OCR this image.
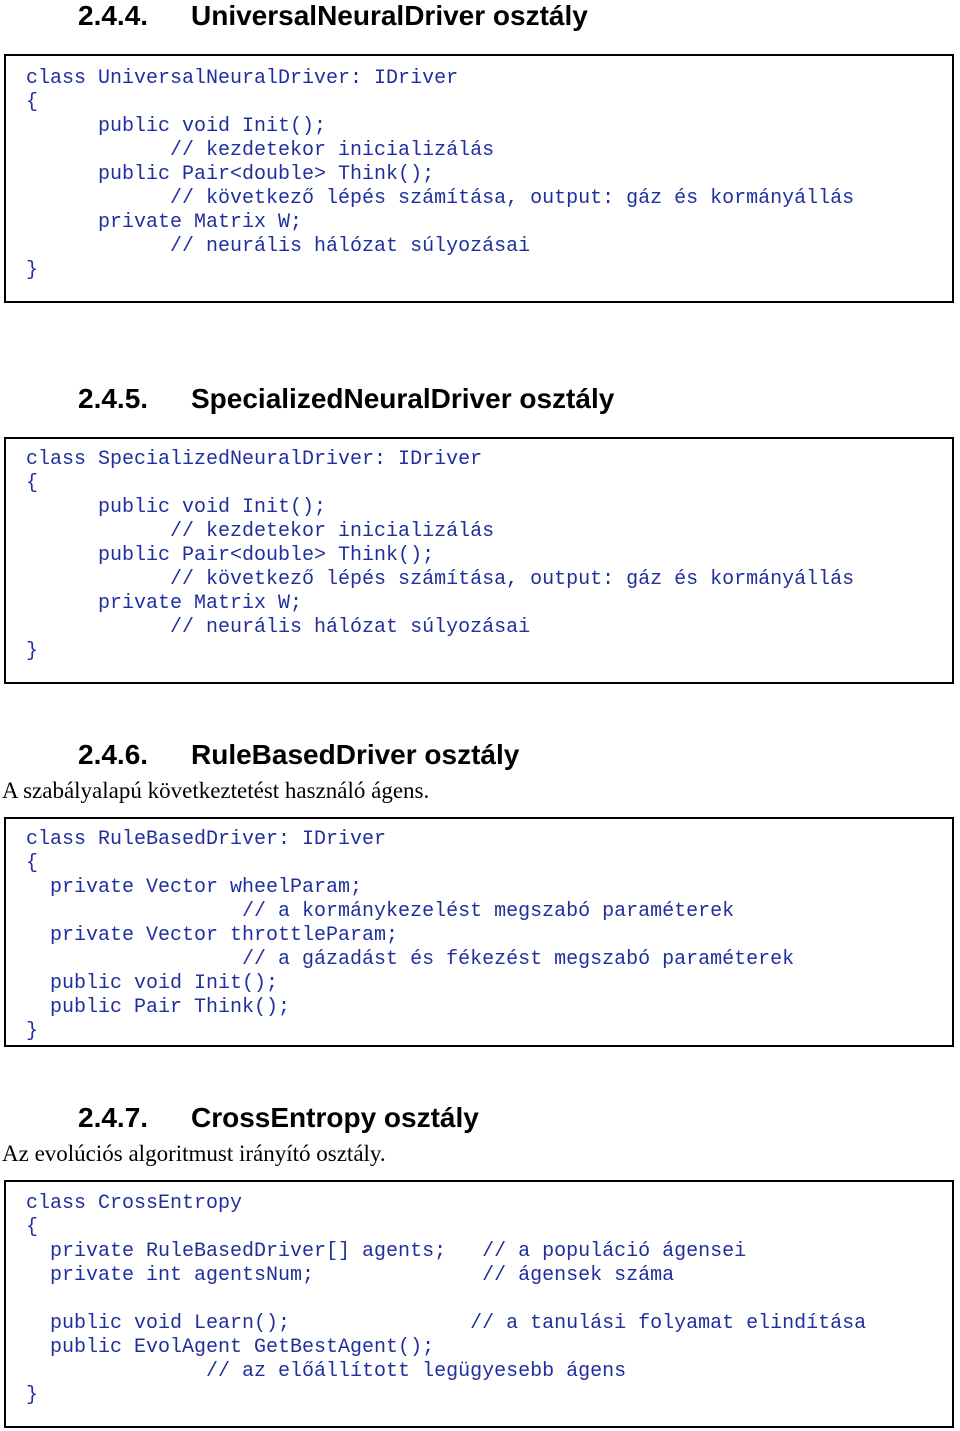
2.4.4. UniversalNeuralDriver osztály
class UniversalNeuralDriver: IDriver
{
public void Init();
// kezdetekor inicializálás
public Pair<double> Think();
// következő lépés számítása, output: gáz és kormányállás
private Matrix W;
// neurális hálózat súlyozásai
}
2.4.5. SpecializedNeuralDriver osztály
class SpecializedNeuralDriver: IDriver
{
public void Init();
// kezdetekor inicializálás
public Pair<double> Think();
// következő lépés számítása, output: gáz és kormányállás
private Matrix W;
// neurális hálózat súlyozásai
}
2.4.6. RuleBasedDriver osztály

A szabályalapú következtetést használó ágens.

class RuleBasedDriver: IDriver
{
private Vector wheelParam;
// a kormánykezelést megszabó paraméterek
private Vector throttleParam;
// a gázadást és fékezést megszabó paraméterek
public void Init();
public Pair Think();
}
2.4.7. CrossEntropy osztály

Az evolúciós algoritmust irányító osztály.

class CrossEntropy
{
private RuleBasedDriver[] agents;   // a populáció ágensei
private int agentsNum;              // ágensek száma
public void Learn();               // a tanulási folyamat elindítása
public EvolAgent GetBestAgent();
// az előállított legügyesebb ágens
}
